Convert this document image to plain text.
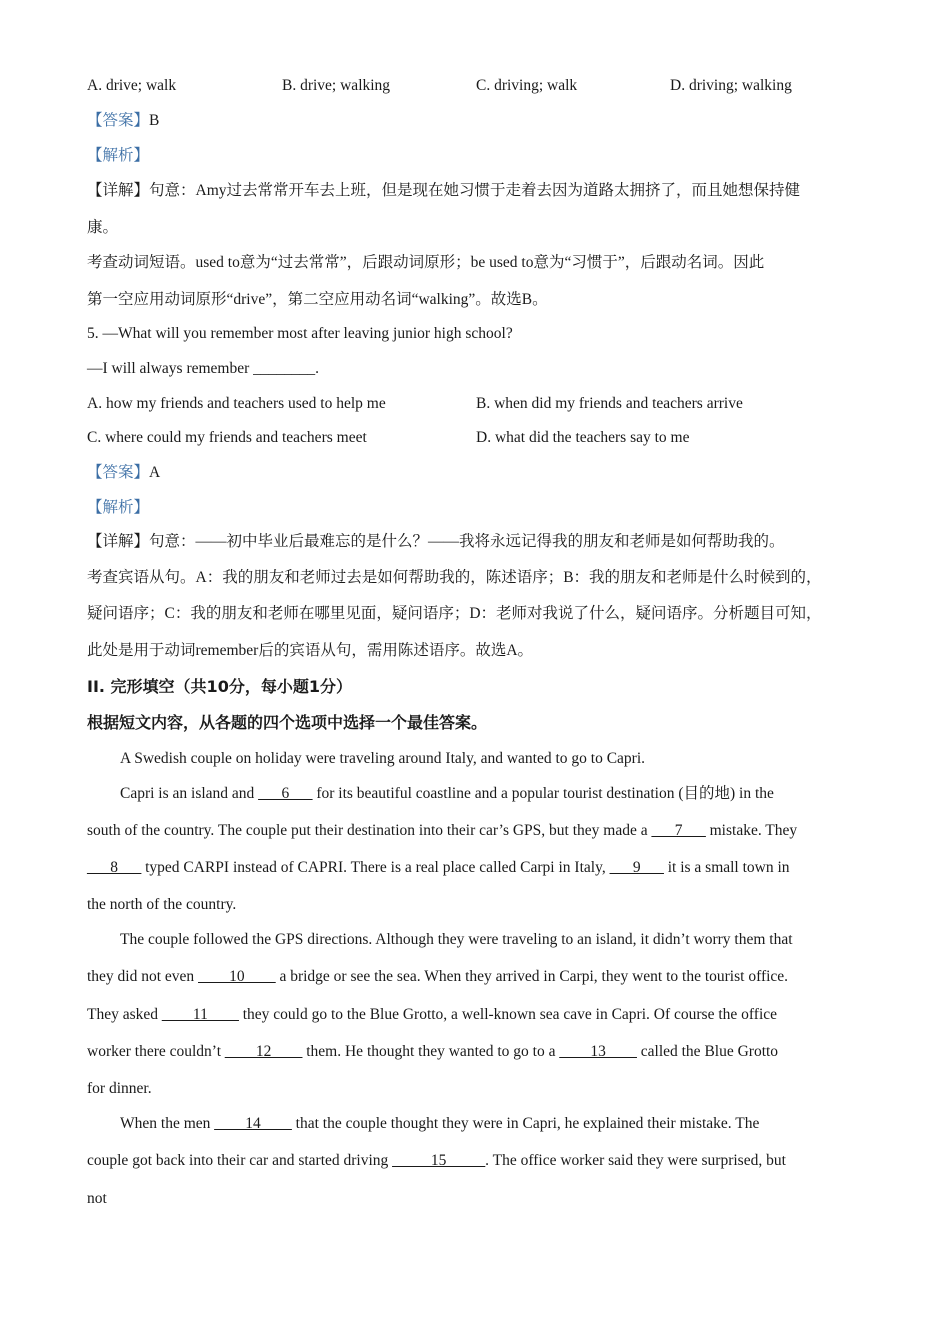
A. drive; walk	B. drive; walking	C. driving; walk	D. driving; walking
【答案】B
【解析】
【详解】句意：Amy过去常常开车去上班，但是现在她习惯于走着去因为道路太拥挤了，而且她想保持健
康。
考查动词短语。used to意为“过去常常”，后跟动词原形；be used to意为“习惯于”，后跟动名词。因此
第一空应用动词原形“drive”，第二空应用动名词“walking”。故选B。
5. —What will you remember most after leaving junior high school?
—I will always remember ________.
A. how my friends and teachers used to help me	B. when did my friends and teachers arrive
C. where could my friends and teachers meet	D. what did the teachers say to me
【答案】A
【解析】
【详解】句意：——初中毕业后最难忘的是什么？——我将永远记得我的朋友和老师是如何帮助我的。
考查宾语从句。A：我的朋友和老师过去是如何帮助我的，陈述语序；B：我的朋友和老师是什么时候到的，
疑问语序；C：我的朋友和老师在哪里见面，疑问语序；D：老师对我说了什么，疑问语序。分析题目可知，
此处是用于动词remember后的宾语从句，需用陈述语序。故选A。
II. 完形填空（共10分，每小题1分）
根据短文内容，从各题的四个选项中选择一个最佳答案。
A Swedish couple on holiday were traveling around Italy, and wanted to go to Capri.
Capri is an island and ___6___ for its beautiful coastline and a popular tourist destination (目的地) in the
south of the country. The couple put their destination into their car’s GPS, but they made a ___7___ mistake. They
___8___ typed CARPI instead of CAPRI. There is a real place called Carpi in Italy, ___9___ it is a small town in
the north of the country.
The couple followed the GPS directions. Although they were traveling to an island, it didn’t worry them that
they did not even ____10____ a bridge or see the sea. When they arrived in Carpi, they went to the tourist office.
They asked ____11____ they could go to the Blue Grotto, a well-known sea cave in Capri. Of course the office
worker there couldn’t ____12____ them. He thought they wanted to go to a ____13____ called the Blue Grotto
for dinner.
When the men ____14____ that the couple thought they were in Capri, he explained their mistake. The
couple got back into their car and started driving _____15_____. The office worker said they were surprised, but
not
